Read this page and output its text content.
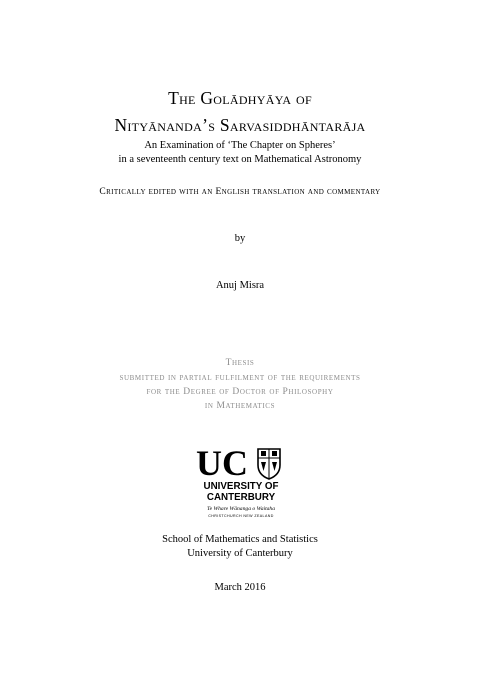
The Golādhyāya of
Nityānanda’s Sarvasiddhāntarāja
An Examination of ‘The Chapter on Spheres’
in a seventeenth century text on Mathematical Astronomy
Critically edited with an English translation and commentary
by
Anuj Misra
Thesis
submitted in partial fulfilment of the requirements
for the Degree of Doctor of Philosophy
in Mathematics
UC
UNIVERSITY OF
CANTERBURY
Te Whare Wānanga o Waitaha
CHRISTCHURCH NEW ZEALAND
School of Mathematics and Statistics
University of Canterbury
March 2016
